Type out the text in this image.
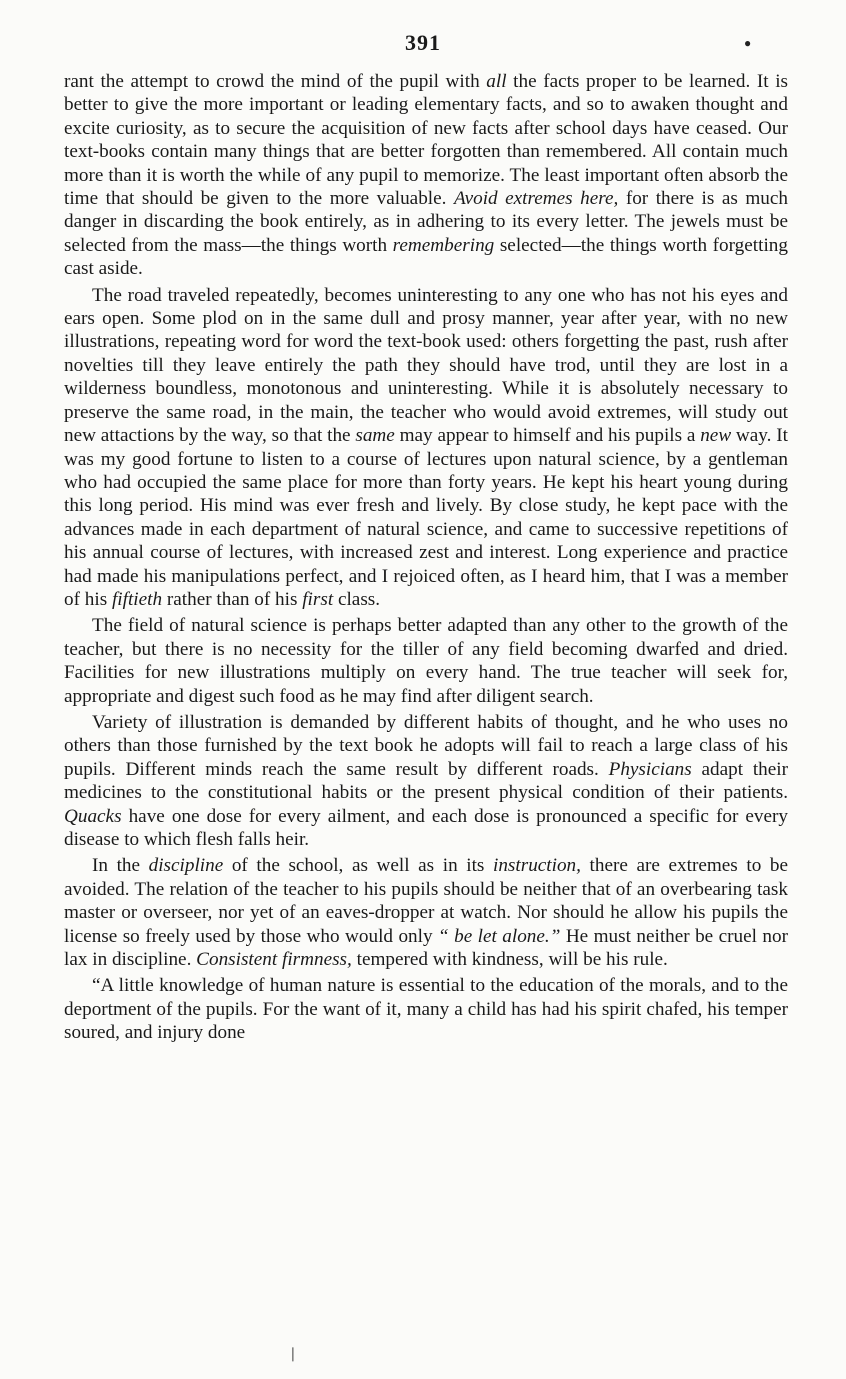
391	●

rant the attempt to crowd the mind of the pupil with all the facts proper to be learned. It is better to give the more important or leading elementary facts, and so to awaken thought and excite curiosity, as to secure the acquisition of new facts after school days have ceased. Our text-books contain many things that are better forgotten than remembered. All contain much more than it is worth the while of any pupil to memorize. The least important often absorb the time that should be given to the more valuable. Avoid extremes here, for there is as much danger in discarding the book entirely, as in adhering to its every letter. The jewels must be selected from the mass—the things worth remembering selected—the things worth forgetting cast aside.

The road traveled repeatedly, becomes uninteresting to any one who has not his eyes and ears open. Some plod on in the same dull and prosy manner, year after year, with no new illustrations, repeating word for word the text-book used: others forgetting the past, rush after novelties till they leave entirely the path they should have trod, until they are lost in a wilderness boundless, monotonous and uninteresting. While it is absolutely necessary to preserve the same road, in the main, the teacher who would avoid extremes, will study out new attactions by the way, so that the same may appear to himself and his pupils a new way. It was my good fortune to listen to a course of lectures upon natural science, by a gentleman who had occupied the same place for more than forty years. He kept his heart young during this long period. His mind was ever fresh and lively. By close study, he kept pace with the advances made in each department of natural science, and came to successive repetitions of his annual course of lectures, with increased zest and interest. Long experience and practice had made his manipulations perfect, and I rejoiced often, as I heard him, that I was a member of his fiftieth rather than of his first class.

The field of natural science is perhaps better adapted than any other to the growth of the teacher, but there is no necessity for the tiller of any field becoming dwarfed and dried. Facilities for new illustrations multiply on every hand. The true teacher will seek for, appropriate and digest such food as he may find after diligent search.

Variety of illustration is demanded by different habits of thought, and he who uses no others than those furnished by the text book he adopts will fail to reach a large class of his pupils. Different minds reach the same result by different roads. Physicians adapt their medicines to the constitutional habits or the present physical condition of their patients. Quacks have one dose for every ailment, and each dose is pronounced a specific for every disease to which flesh falls heir.

In the discipline of the school, as well as in its instruction, there are extremes to be avoided. The relation of the teacher to his pupils should be neither that of an overbearing task master or overseer, nor yet of an eaves-dropper at watch. Nor should he allow his pupils the license so freely used by those who would only “ be let alone.” He must neither be cruel nor lax in discipline. Consistent firmness, tempered with kindness, will be his rule.

“A little knowledge of human nature is essential to the education of the morals, and to the deportment of the pupils. For the want of it, many a child has had his spirit chafed, his temper soured, and injury done

❘
